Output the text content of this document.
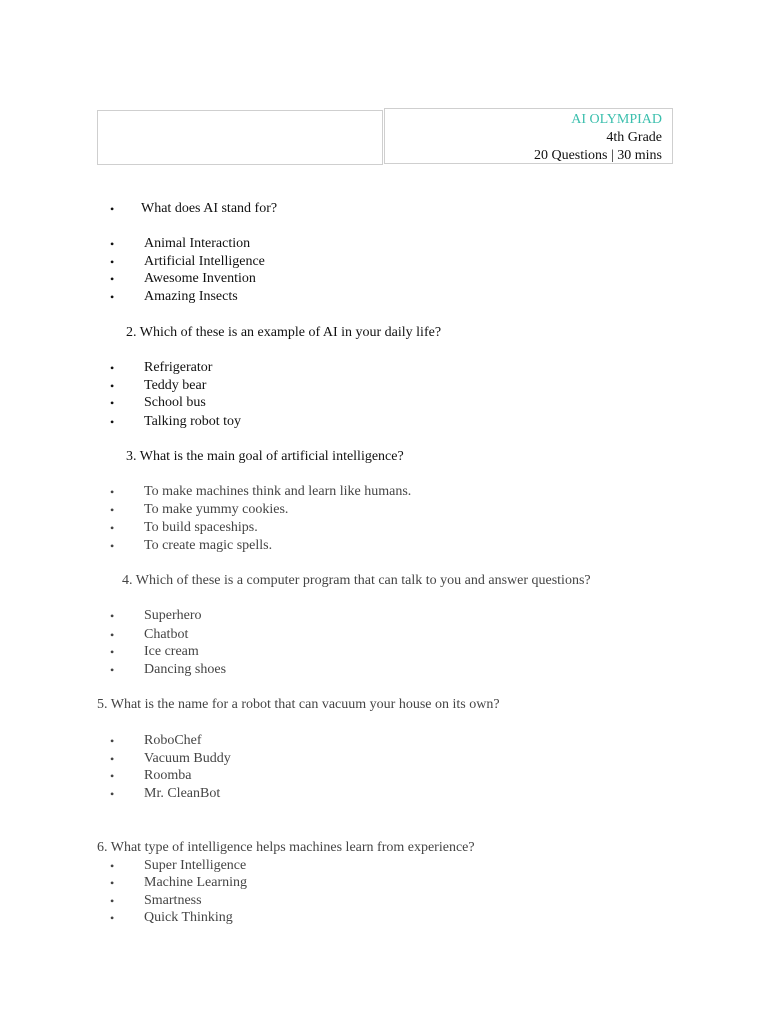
AI OLYMPIAD
4th Grade
20 Questions | 30 mins
• What does AI stand for?
• Animal Interaction
• Artificial Intelligence
• Awesome Invention
• Amazing Insects
2. Which of these is an example of AI in your daily life?
• Refrigerator
• Teddy bear
• School bus
• Talking robot toy
3. What is the main goal of artificial intelligence?
• To make machines think and learn like humans.
• To make yummy cookies.
• To build spaceships.
• To create magic spells.
4. Which of these is a computer program that can talk to you and answer questions?
• Superhero
• Chatbot
• Ice cream
• Dancing shoes
5. What is the name for a robot that can vacuum your house on its own?
• RoboChef
• Vacuum Buddy
• Roomba
• Mr. CleanBot
6. What type of intelligence helps machines learn from experience?
• Super Intelligence
• Machine Learning
• Smartness
• Quick Thinking
